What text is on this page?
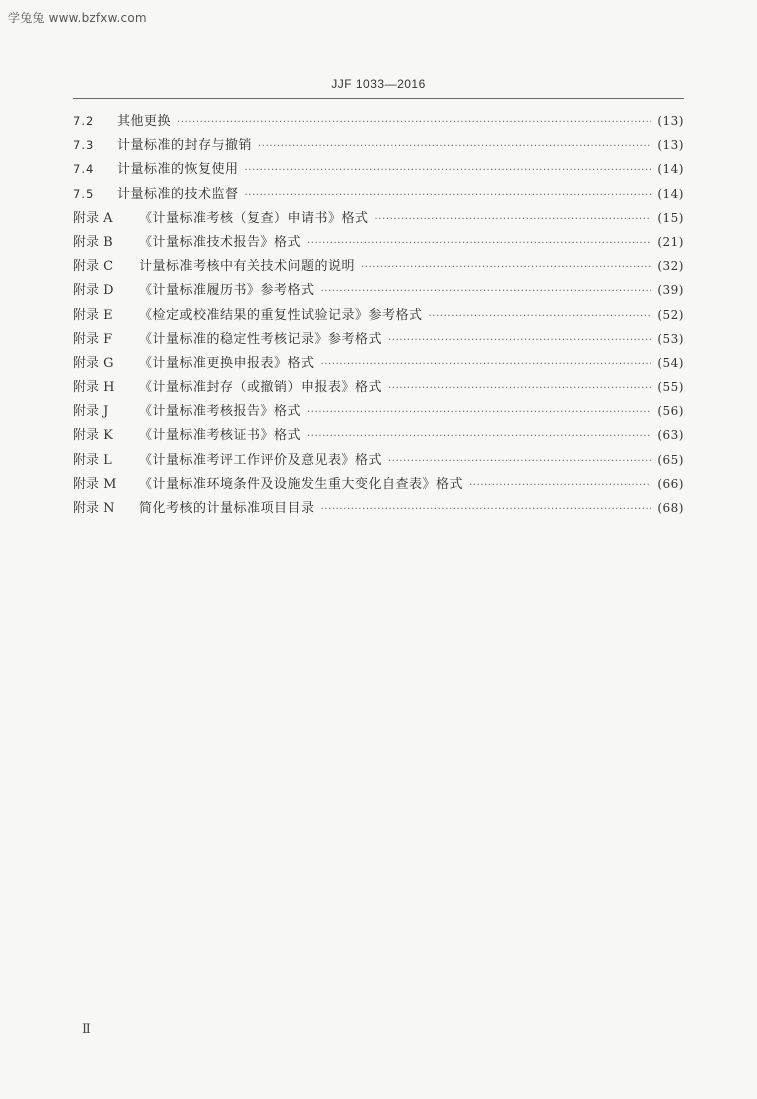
学兔兔 www.bzfxw.com
JJF 1033—2016
7.2	其他更换 ·····	(13)
7.3	计量标准的封存与撤销 ·····	(13)
7.4	计量标准的恢复使用 ·····	(14)
7.5	计量标准的技术监督 ·····	(14)
附录 A	《计量标准考核（复查）申请书》格式 ·····	(15)
附录 B	《计量标准技术报告》格式 ·····	(21)
附录 C	计量标准考核中有关技术问题的说明 ·····	(32)
附录 D	《计量标准履历书》参考格式 ·····	(39)
附录 E	《检定或校准结果的重复性试验记录》参考格式 ·····	(52)
附录 F	《计量标准的稳定性考核记录》参考格式 ·····	(53)
附录 G	《计量标准更换申报表》格式 ·····	(54)
附录 H	《计量标准封存（或撤销）申报表》格式 ·····	(55)
附录 J	《计量标准考核报告》格式 ·····	(56)
附录 K	《计量标准考核证书》格式 ·····	(63)
附录 L	《计量标准考评工作评价及意见表》格式 ·····	(65)
附录 M	《计量标准环境条件及设施发生重大变化自查表》格式 ·····	(66)
附录 N	简化考核的计量标准项目目录 ·····	(68)
Ⅱ
